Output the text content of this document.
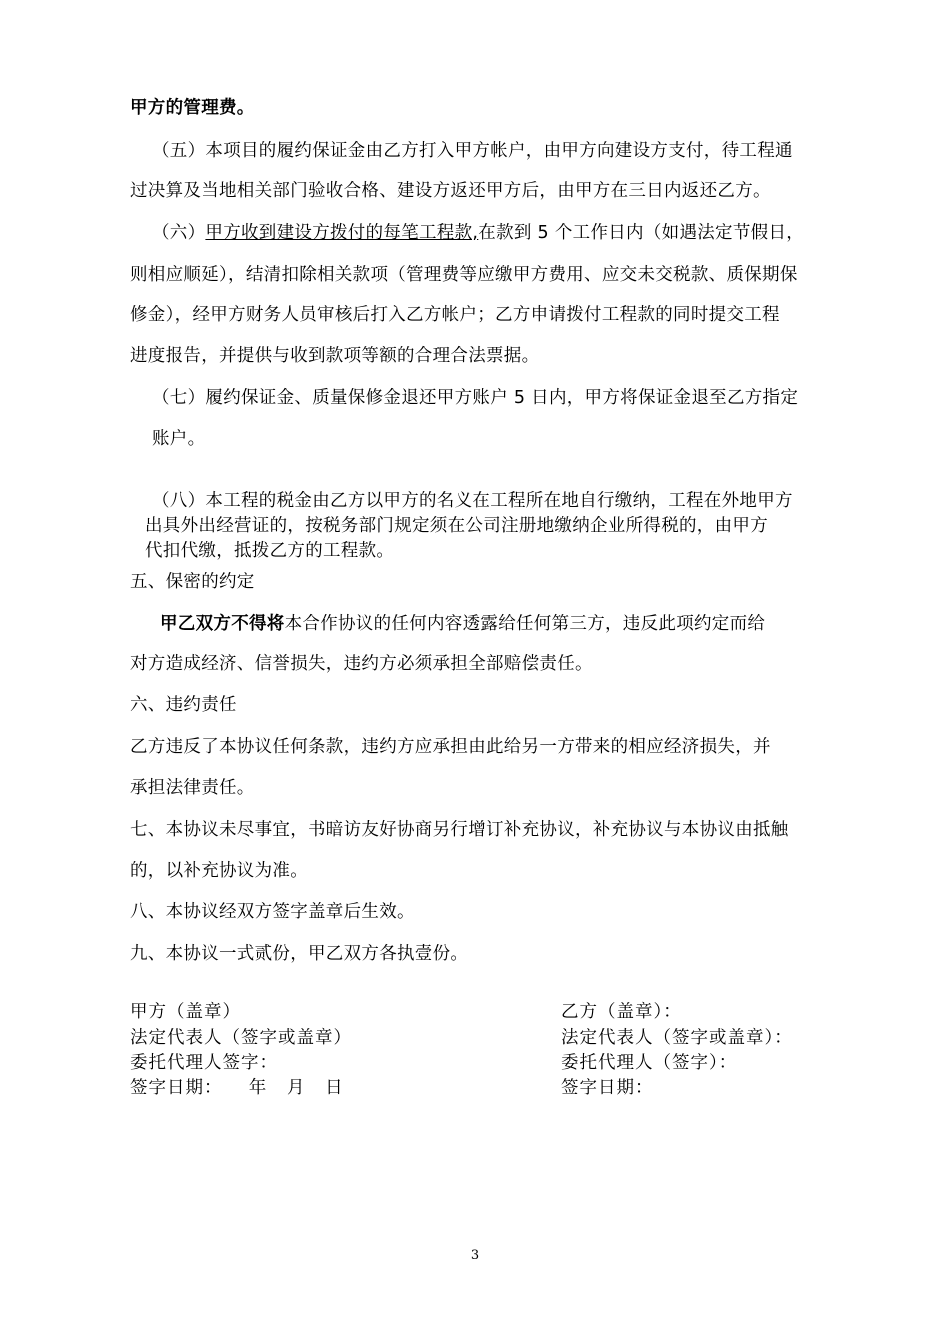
甲方的管理费。
（五）本项目的履约保证金由乙方打入甲方帐户，由甲方向建设方支付，待工程通
过决算及当地相关部门验收合格、建设方返还甲方后，由甲方在三日内返还乙方。
（六）甲方收到建设方拨付的每笔工程款,在款到 5 个工作日内（如遇法定节假日，
则相应顺延），结清扣除相关款项（管理费等应缴甲方费用、应交未交税款、质保期保
修金），经甲方财务人员审核后打入乙方帐户；乙方申请拨付工程款的同时提交工程
进度报告，并提供与收到款项等额的合理合法票据。
（七）履约保证金、质量保修金退还甲方账户 5 日内，甲方将保证金退至乙方指定
账户。
（八）本工程的税金由乙方以甲方的名义在工程所在地自行缴纳，工程在外地甲方
出具外出经营证的，按税务部门规定须在公司注册地缴纳企业所得税的，由甲方
代扣代缴，抵拨乙方的工程款。
五、保密的约定
甲乙双方不得将本合作协议的任何内容透露给任何第三方，违反此项约定而给
对方造成经济、信誉损失，违约方必须承担全部赔偿责任。
六、违约责任
乙方违反了本协议任何条款，违约方应承担由此给另一方带来的相应经济损失，并
承担法律责任。
七、本协议未尽事宜，书暗访友好协商另行增订补充协议，补充协议与本协议由抵触
的，以补充协议为准。
八、本协议经双方签字盖章后生效。
九、本协议一式贰份，甲乙双方各执壹份。
甲方（盖章）
法定代表人（签字或盖章）
委托代理人签字：
签字日期：    年   月   日
乙方（盖章）：
法定代表人（签字或盖章）：
委托代理人（签字）：
签字日期：
3
